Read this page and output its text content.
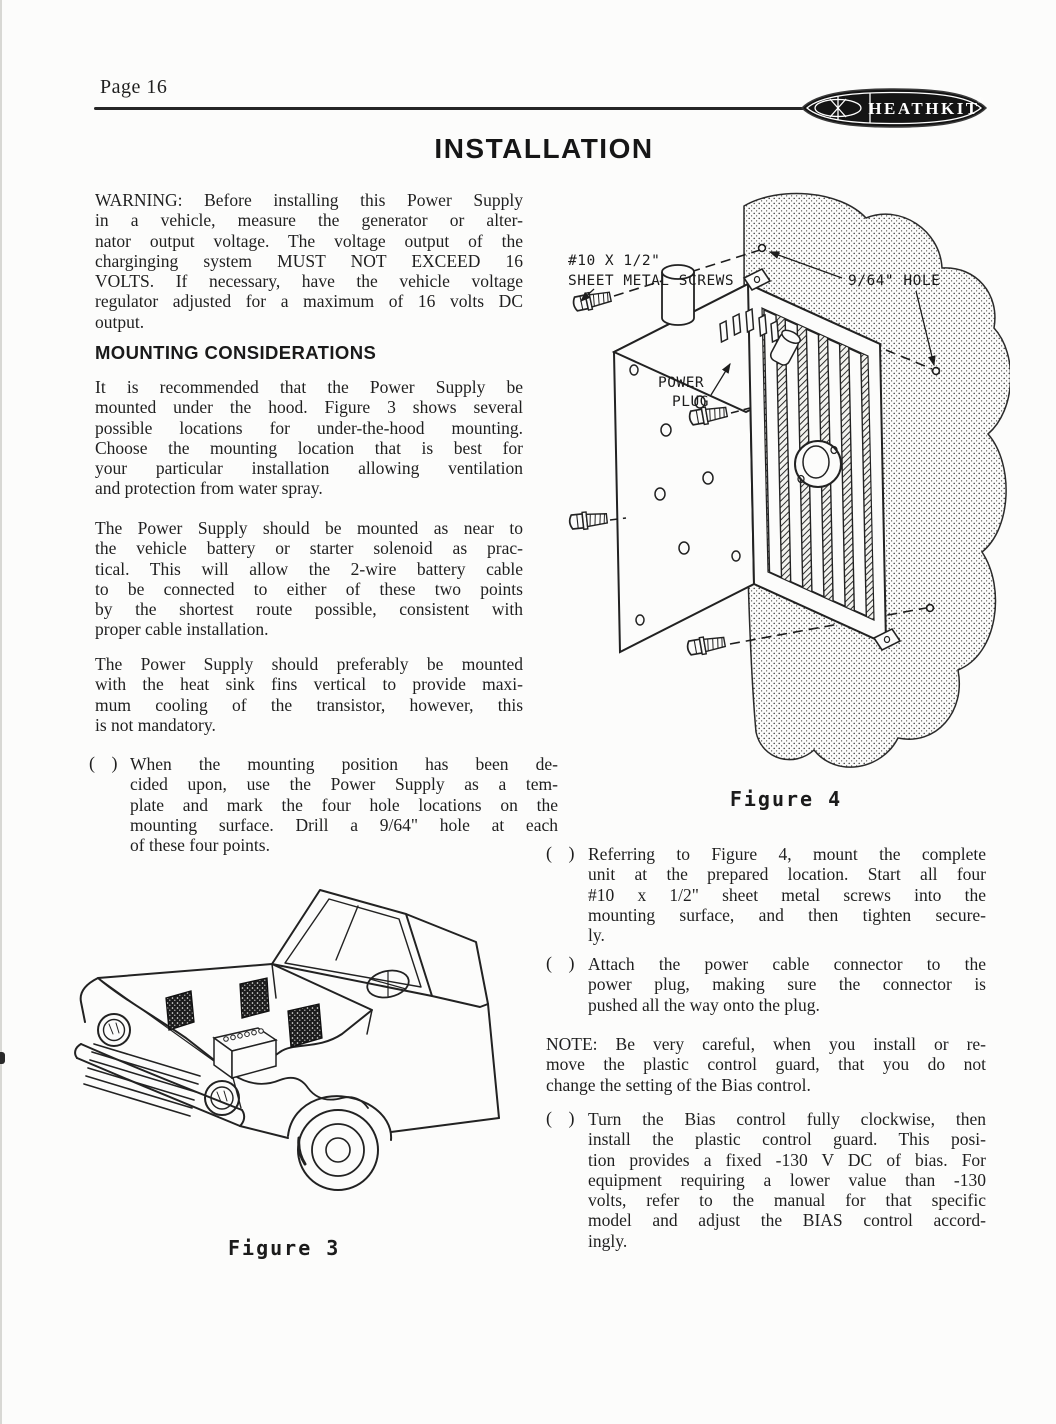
Page 16
HEATHKIT
®
INSTALLATION
WARNING: Before installing this Power Supply
in a vehicle, measure the generator or alter-
nator output voltage. The voltage output of the
charginging system MUST NOT EXCEED 16
VOLTS. If necessary, have the vehicle voltage
regulator adjusted for a maximum of 16 volts DC
output.
MOUNTING CONSIDERATIONS
It is recommended that the Power Supply be
mounted under the hood. Figure 3 shows several
possible locations for under-the-hood mounting.
Choose the mounting location that is best for
your particular installation allowing ventilation
and protection from water spray.
The Power Supply should be mounted as near to
the vehicle battery or starter solenoid as prac-
tical. This will allow the 2-wire battery cable
to be connected to either of these two points
by the shortest route possible, consistent with
proper cable installation.
The Power Supply should preferably be mounted
with the heat sink fins vertical to provide maxi-
mum cooling of the transistor, however, this
is not mandatory.
( ) When the mounting position has been de-
cided upon, use the Power Supply as a tem-
plate and mark the four hole locations on the
mounting surface. Drill a 9/64" hole at each
of these four points.
Figure 3
#10 X 1/2"
SHEET METAL SCREWS	9/64" HOLE
POWER
PLUG
Figure 4
( ) Referring to Figure 4, mount the complete
unit at the prepared location. Start all four
#10 x 1/2" sheet metal screws into the
mounting surface, and then tighten secure-
ly.
( ) Attach the power cable connector to the
power plug, making sure the connector is
pushed all the way onto the plug.
NOTE: Be very careful, when you install or re-
move the plastic control guard, that you do not
change the setting of the Bias control.
( ) Turn the Bias control fully clockwise, then
install the plastic control guard. This posi-
tion provides a fixed -130 V DC of bias. For
equipment requiring a lower value than -130
volts, refer to the manual for that specific
model and adjust the BIAS control accord-
ingly.
